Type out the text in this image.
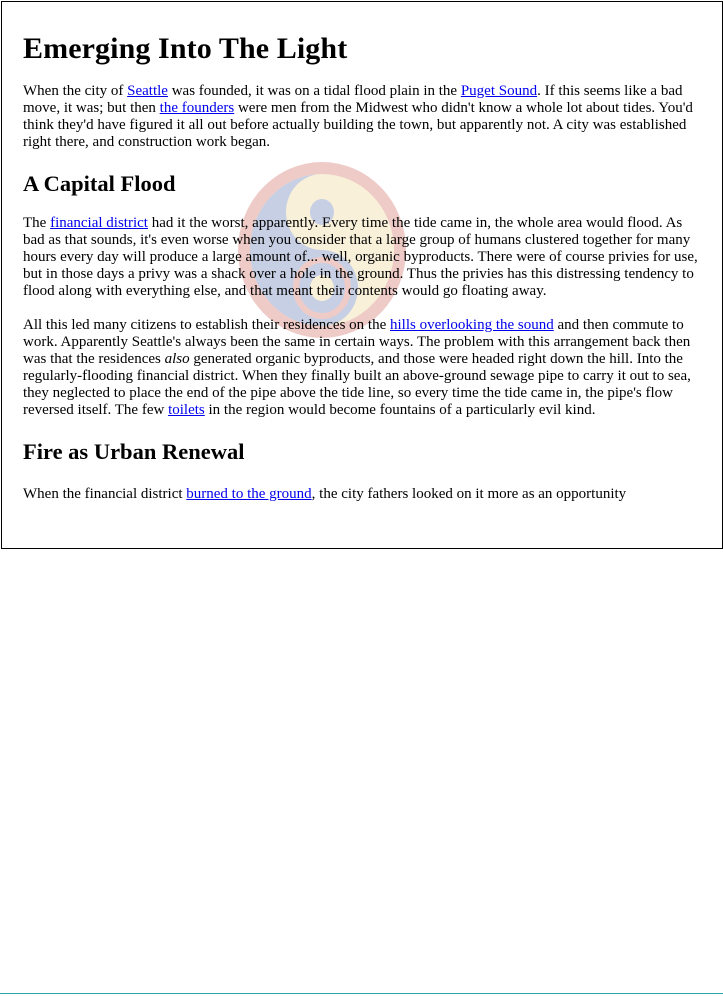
Emerging Into The Light

When the city of Seattle was founded, it was on a tidal flood plain in the Puget Sound. If this seems like a bad move, it was; but then the founders were men from the Midwest who didn't know a whole lot about tides. You'd think they'd have figured it all out before actually building the town, but apparently not. A city was established right there, and construction work began.

A Capital Flood

The financial district had it the worst, apparently. Every time the tide came in, the whole area would flood. As bad as that sounds, it's even worse when you consider that a large group of humans clustered together for many hours every day will produce a large amount of... well, organic byproducts. There were of course privies for use, but in those days a privy was a shack over a hole in the ground. Thus the privies has this distressing tendency to flood along with everything else, and that meant their contents would go floating away.

All this led many citizens to establish their residences on the hills overlooking the sound and then commute to work. Apparently Seattle's always been the same in certain ways. The problem with this arrangement back then was that the residences also generated organic byproducts, and those were headed right down the hill. Into the regularly-flooding financial district. When they finally built an above-ground sewage pipe to carry it out to sea, they neglected to place the end of the pipe above the tide line, so every time the tide came in, the pipe's flow reversed itself. The few toilets in the region would become fountains of a particularly evil kind.

Fire as Urban Renewal

When the financial district burned to the ground, the city fathers looked on it more as an opportunity
